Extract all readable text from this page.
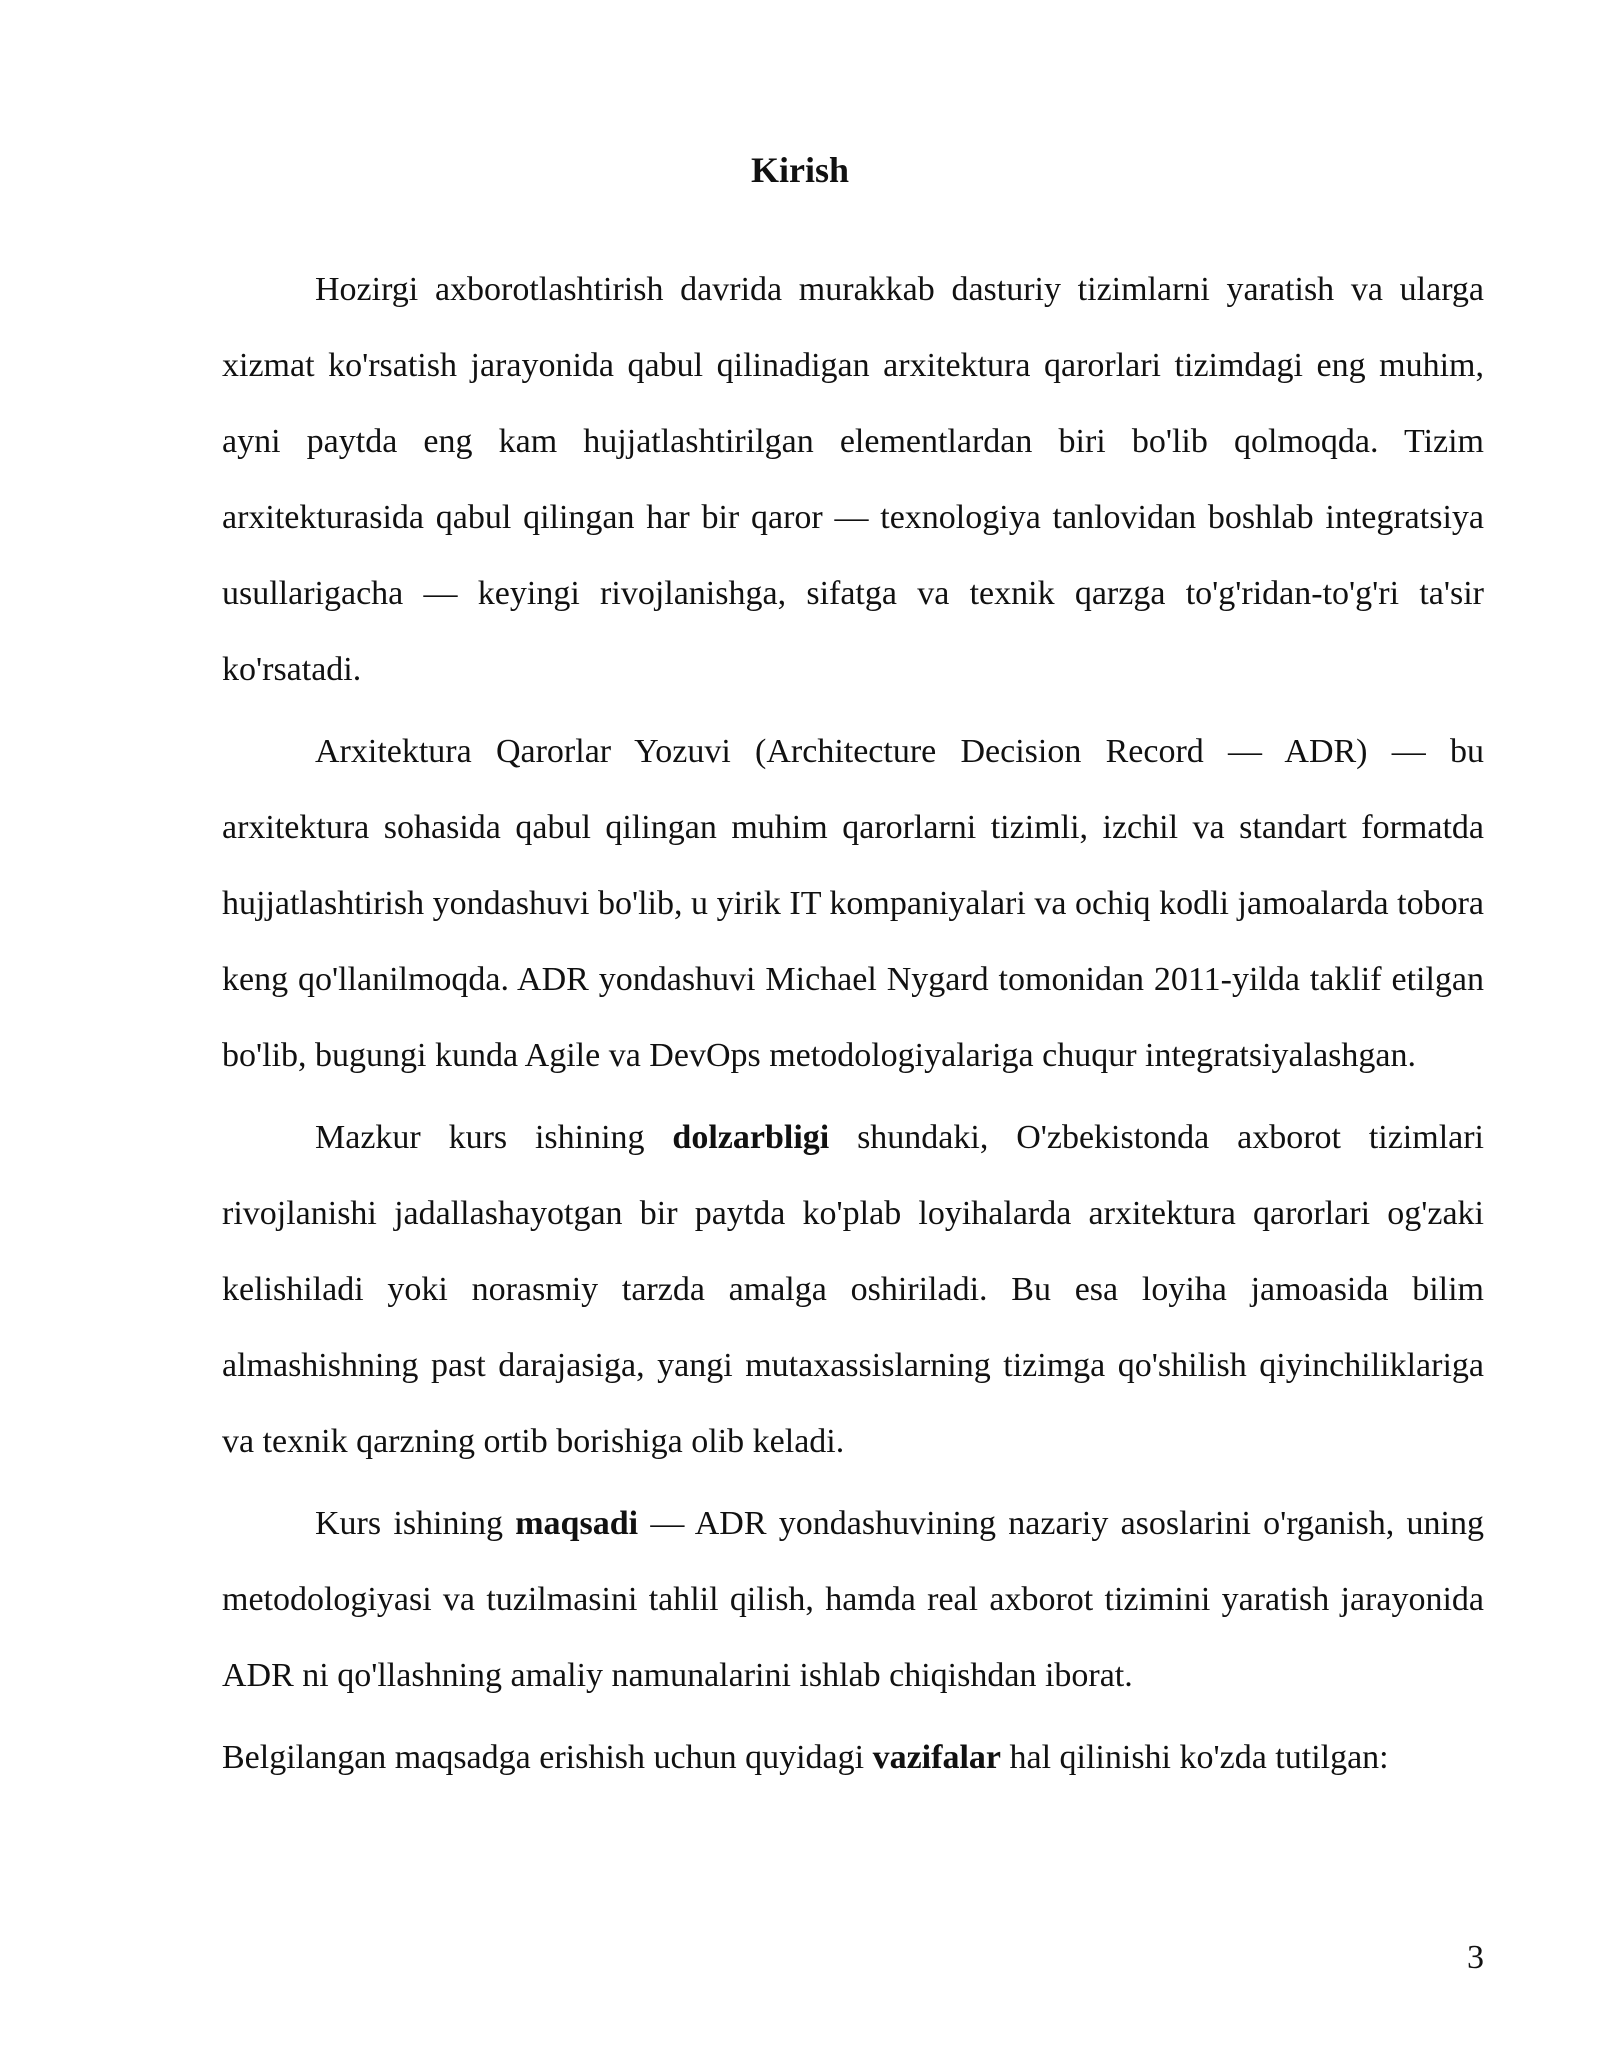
Kirish

Hozirgi axborotlashtirish davrida murakkab dasturiy tizimlarni yaratish va ularga xizmat ko'rsatish jarayonida qabul qilinadigan arxitektura qarorlari tizimdagi eng muhim, ayni paytda eng kam hujjatlashtirilgan elementlardan biri bo'lib qolmoqda. Tizim arxitekturasida qabul qilingan har bir qaror — texnologiya tanlovidan boshlab integratsiya usullarigacha — keyingi rivojlanishga, sifatga va texnik qarzga to'g'ridan-to'g'ri ta'sir ko'rsatadi.

Arxitektura Qarorlar Yozuvi (Architecture Decision Record — ADR) — bu arxitektura sohasida qabul qilingan muhim qarorlarni tizimli, izchil va standart formatda hujjatlashtirish yondashuvi bo'lib, u yirik IT kompaniyalari va ochiq kodli jamoalarda tobora keng qo'llanilmoqda. ADR yondashuvi Michael Nygard tomonidan 2011-yilda taklif etilgan bo'lib, bugungi kunda Agile va DevOps metodologiyalariga chuqur integratsiyalashgan.

Mazkur kurs ishining dolzarbligi shundaki, O'zbekistonda axborot tizimlari rivojlanishi jadallashayotgan bir paytda ko'plab loyihalarda arxitektura qarorlari og'zaki kelishiladi yoki norasmiy tarzda amalga oshiriladi. Bu esa loyiha jamoasida bilim almashishning past darajasiga, yangi mutaxassislarning tizimga qo'shilish qiyinchiliklariga va texnik qarzning ortib borishiga olib keladi.

Kurs ishining maqsadi — ADR yondashuvining nazariy asoslarini o'rganish, uning metodologiyasi va tuzilmasini tahlil qilish, hamda real axborot tizimini yaratish jarayonida ADR ni qo'llashning amaliy namunalarini ishlab chiqishdan iborat.

Belgilangan maqsadga erishish uchun quyidagi vazifalar hal qilinishi ko'zda tutilgan:

3
